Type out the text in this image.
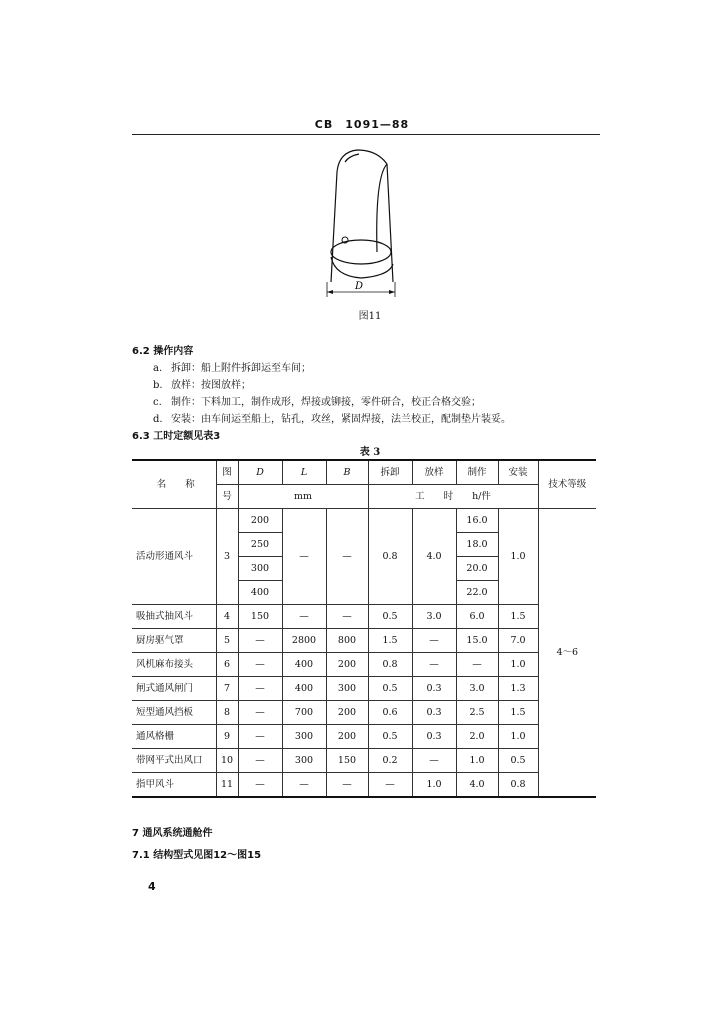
CB 1091—88
D
图11
6.2 操作内容
a. 拆卸：船上附件拆卸运至车间；
b. 放样：按图放样；
c. 制作：下料加工，制作成形，焊接或铆接，零件研合，校正合格交验；
d. 安装：由车间运至船上，钻孔，攻丝，紧固焊接，法兰校正，配制垫片装妥。
6.3 工时定额见表3
表 3
名　　称	图	D	L	B	拆卸	放样	制作	安装	技术等级
	号	mm			工　　时　　h/件				
活动形通风斗	3	200	—	—	0.8	4.0	16.0	1.0	4～6
		250					18.0		
		300					20.0		
		400					22.0		
吸抽式抽风斗	4	150	—	—	0.5	3.0	6.0	1.5	
厨房驱气罩	5	—	2800	800	1.5	—	15.0	7.0	
风机麻布接头	6	—	400	200	0.8	—	—	1.0	
闸式通风闸门	7	—	400	300	0.5	0.3	3.0	1.3	
短型通风挡板	8	—	700	200	0.6	0.3	2.5	1.5	
通风格栅	9	—	300	200	0.5	0.3	2.0	1.0	
带网平式出风口	10	—	300	150	0.2	—	1.0	0.5	
指甲风斗	11	—	—	—	—	1.0	4.0	0.8	
7 通风系统通舱件
7.1 结构型式见图12～图15
4
